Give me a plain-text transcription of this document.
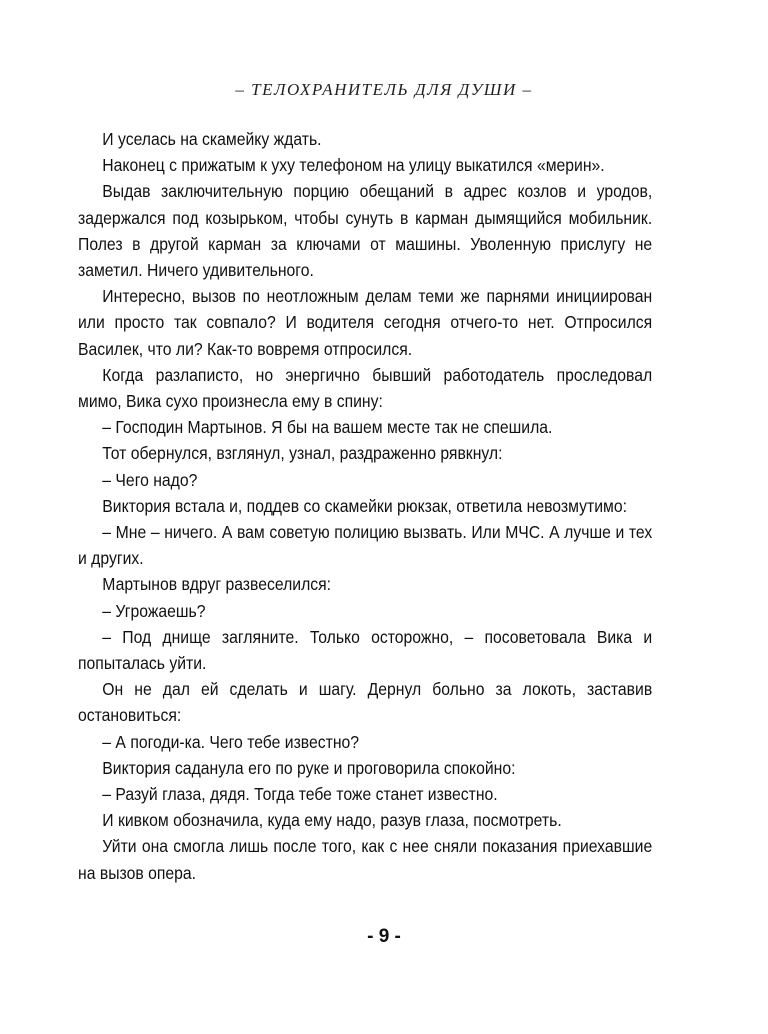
– ТЕЛОХРАНИТЕЛЬ ДЛЯ ДУШИ –

И уселась на скамейку ждать.

Наконец с прижатым к уху телефоном на улицу выкатился «мерин».

Выдав заключительную порцию обещаний в адрес козлов и уродов, задержался под козырьком, чтобы сунуть в карман дымящийся мобильник. Полез в другой карман за ключами от машины. Уволенную прислугу не заметил. Ничего удивительного.

Интересно, вызов по неотложным делам теми же парнями инициирован или просто так совпало? И водителя сегодня отчего-то нет. Отпросился Василек, что ли? Как-то вовремя отпросился.

Когда разлаписто, но энергично бывший работодатель проследовал мимо, Вика сухо произнесла ему в спину:

– Господин Мартынов. Я бы на вашем месте так не спешила.

Тот обернулся, взглянул, узнал, раздраженно рявкнул:

– Чего надо?

Виктория встала и, поддев со скамейки рюкзак, ответила невозмутимо:

– Мне – ничего. А вам советую полицию вызвать. Или МЧС. А лучше и тех и других.

Мартынов вдруг развеселился:

– Угрожаешь?

– Под днище загляните. Только осторожно, – посоветовала Вика и попыталась уйти.

Он не дал ей сделать и шагу. Дернул больно за локоть, заставив остановиться:

– А погоди-ка. Чего тебе известно?

Виктория саданула его по руке и проговорила спокойно:

– Разуй глаза, дядя. Тогда тебе тоже станет известно.

И кивком обозначила, куда ему надо, разув глаза, посмотреть.

Уйти она смогла лишь после того, как с нее сняли показания приехавшие на вызов опера.

- 9 -
